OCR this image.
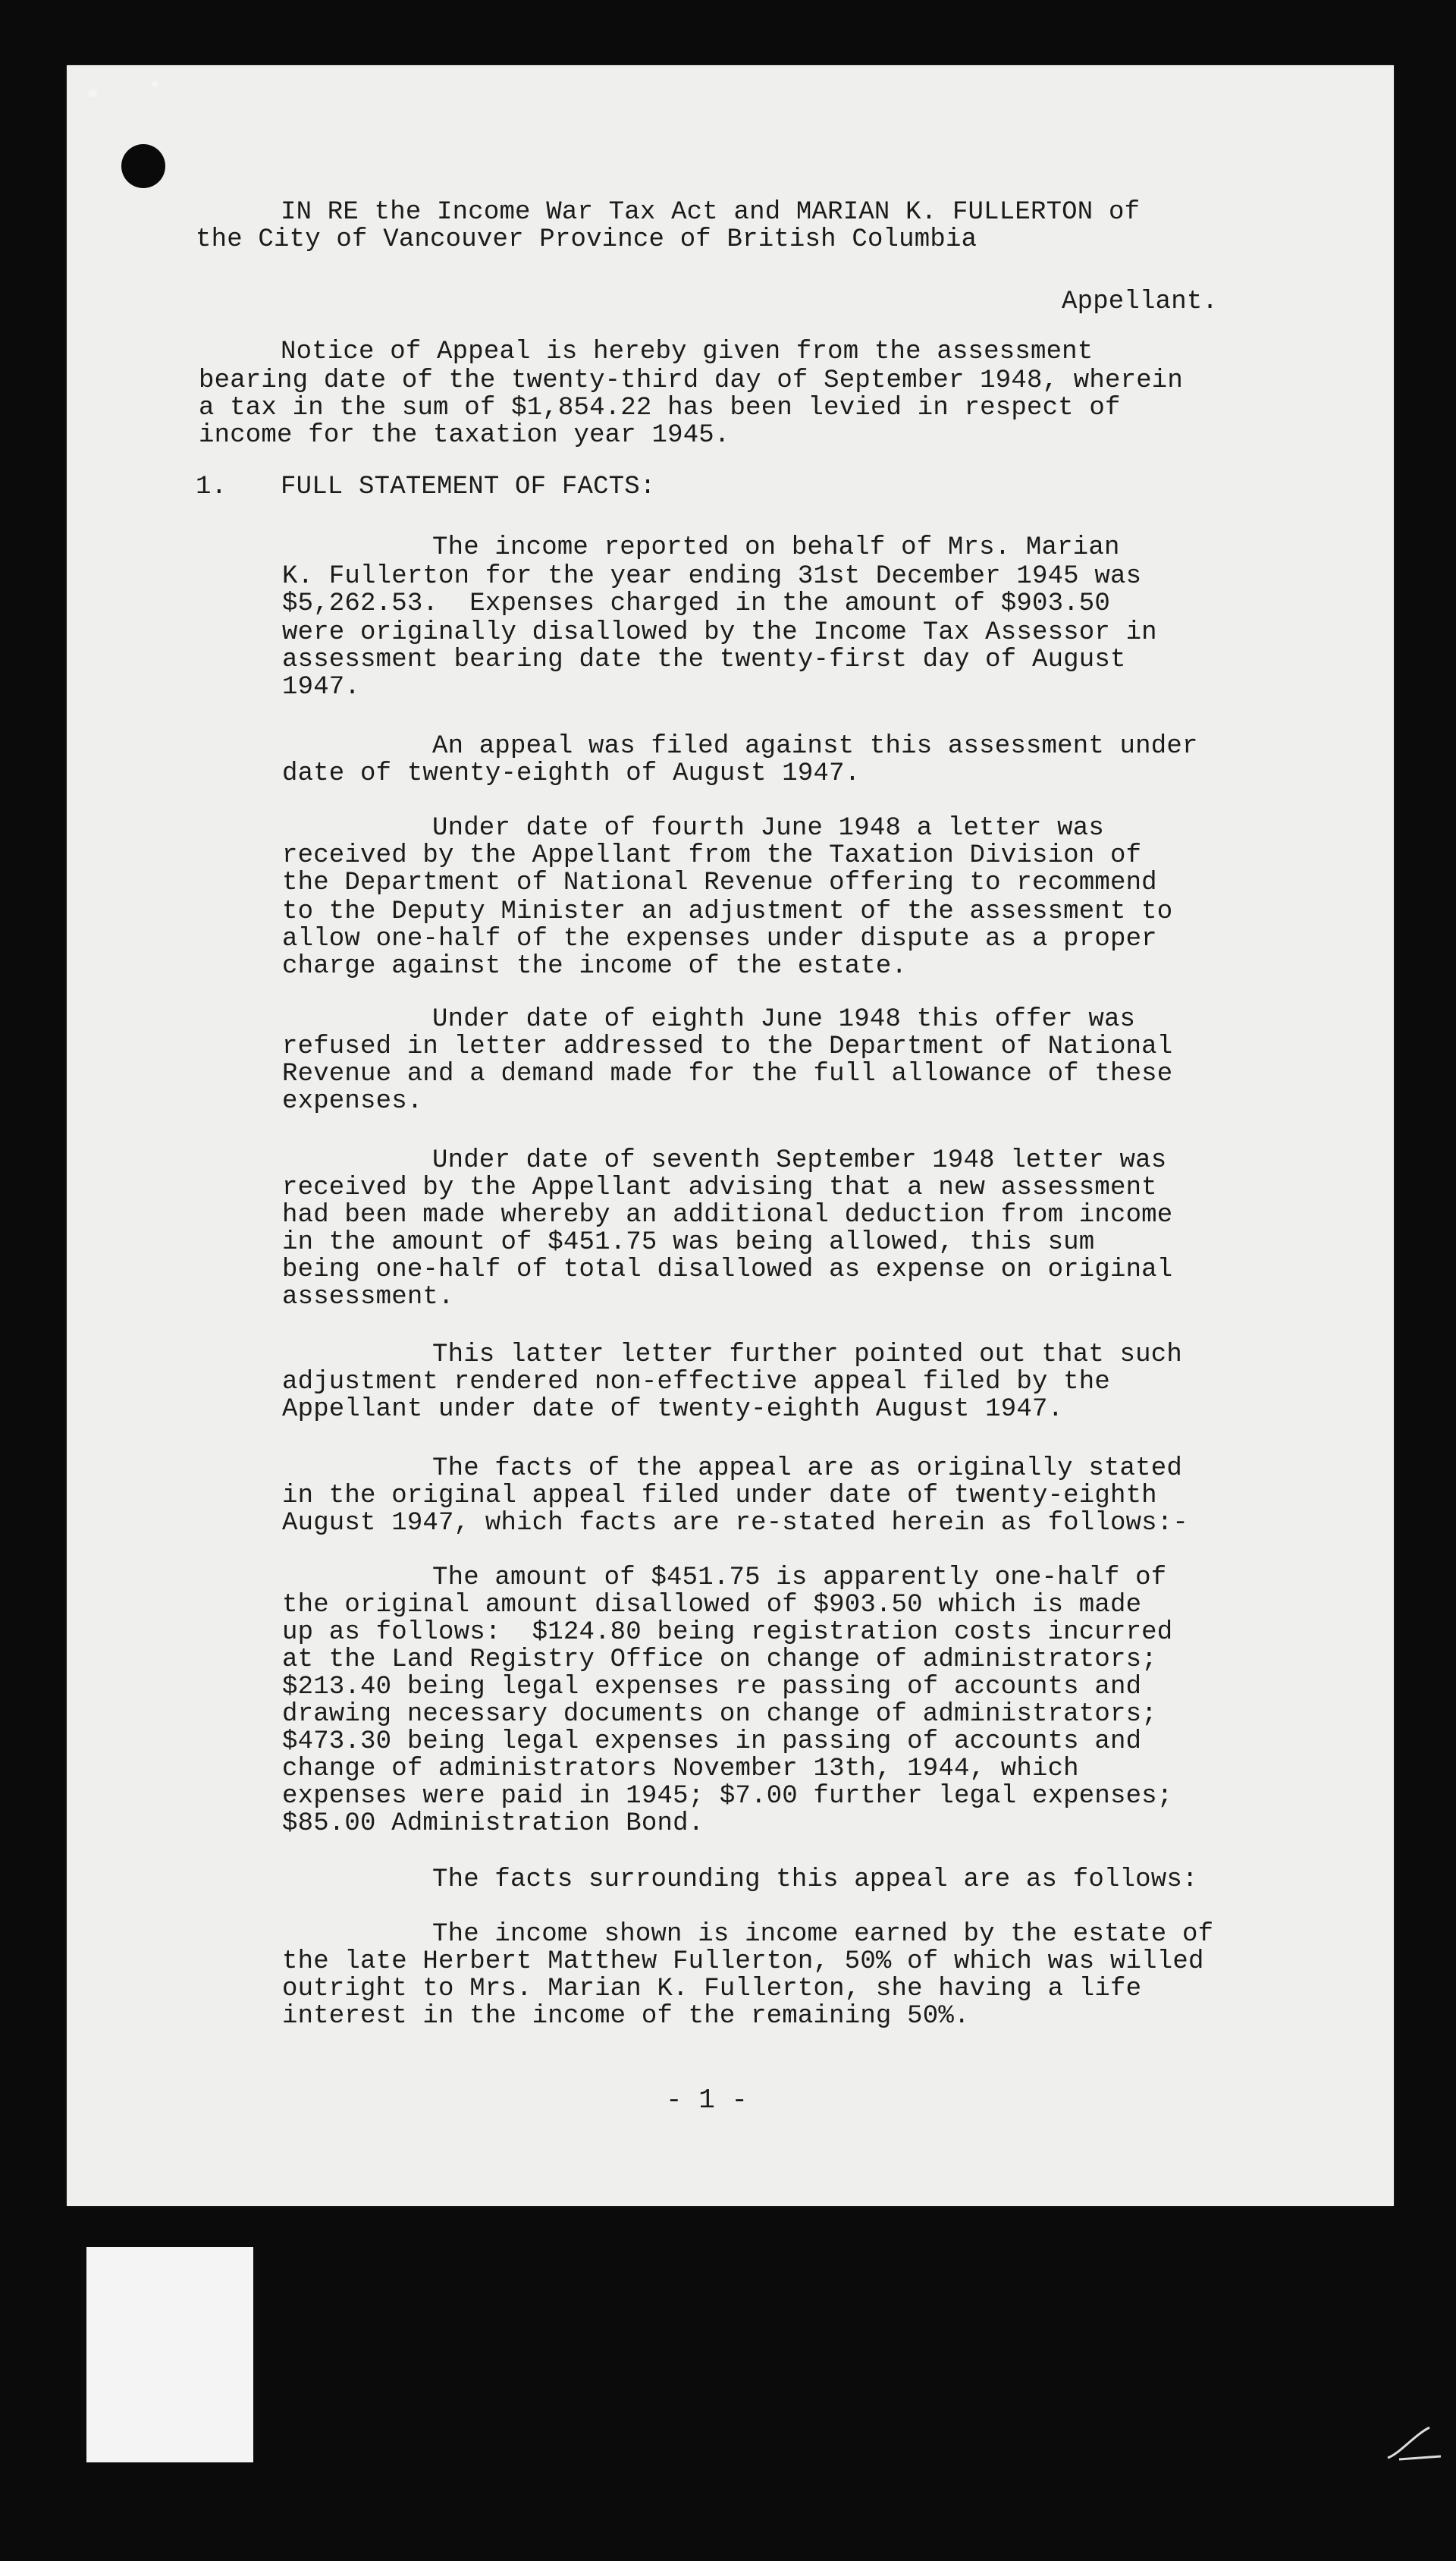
IN RE the Income War Tax Act and MARIAN K. FULLERTON of
the City of Vancouver Province of British Columbia
Appellant.
Notice of Appeal is hereby given from the assessment
bearing date of the twenty-third day of September 1948, wherein
a tax in the sum of $1,854.22 has been levied in respect of
income for the taxation year 1945.
1. FULL STATEMENT OF FACTS:
The income reported on behalf of Mrs. Marian
K. Fullerton for the year ending 31st December 1945 was
$5,262.53.  Expenses charged in the amount of $903.50
were originally disallowed by the Income Tax Assessor in
assessment bearing date the twenty-first day of August
1947.
An appeal was filed against this assessment under
date of twenty-eighth of August 1947.
Under date of fourth June 1948 a letter was
received by the Appellant from the Taxation Division of
the Department of National Revenue offering to recommend
to the Deputy Minister an adjustment of the assessment to
allow one-half of the expenses under dispute as a proper
charge against the income of the estate.
Under date of eighth June 1948 this offer was
refused in letter addressed to the Department of National
Revenue and a demand made for the full allowance of these
expenses.
Under date of seventh September 1948 letter was
received by the Appellant advising that a new assessment
had been made whereby an additional deduction from income
in the amount of $451.75 was being allowed, this sum
being one-half of total disallowed as expense on original
assessment.
This latter letter further pointed out that such
adjustment rendered non-effective appeal filed by the
Appellant under date of twenty-eighth August 1947.
The facts of the appeal are as originally stated
in the original appeal filed under date of twenty-eighth
August 1947, which facts are re-stated herein as follows:-
The amount of $451.75 is apparently one-half of
the original amount disallowed of $903.50 which is made
up as follows:  $124.80 being registration costs incurred
at the Land Registry Office on change of administrators;
$213.40 being legal expenses re passing of accounts and
drawing necessary documents on change of administrators;
$473.30 being legal expenses in passing of accounts and
change of administrators November 13th, 1944, which
expenses were paid in 1945; $7.00 further legal expenses;
$85.00 Administration Bond.
The facts surrounding this appeal are as follows:
The income shown is income earned by the estate of
the late Herbert Matthew Fullerton, 50% of which was willed
outright to Mrs. Marian K. Fullerton, she having a life
interest in the income of the remaining 50%.
- 1 -
